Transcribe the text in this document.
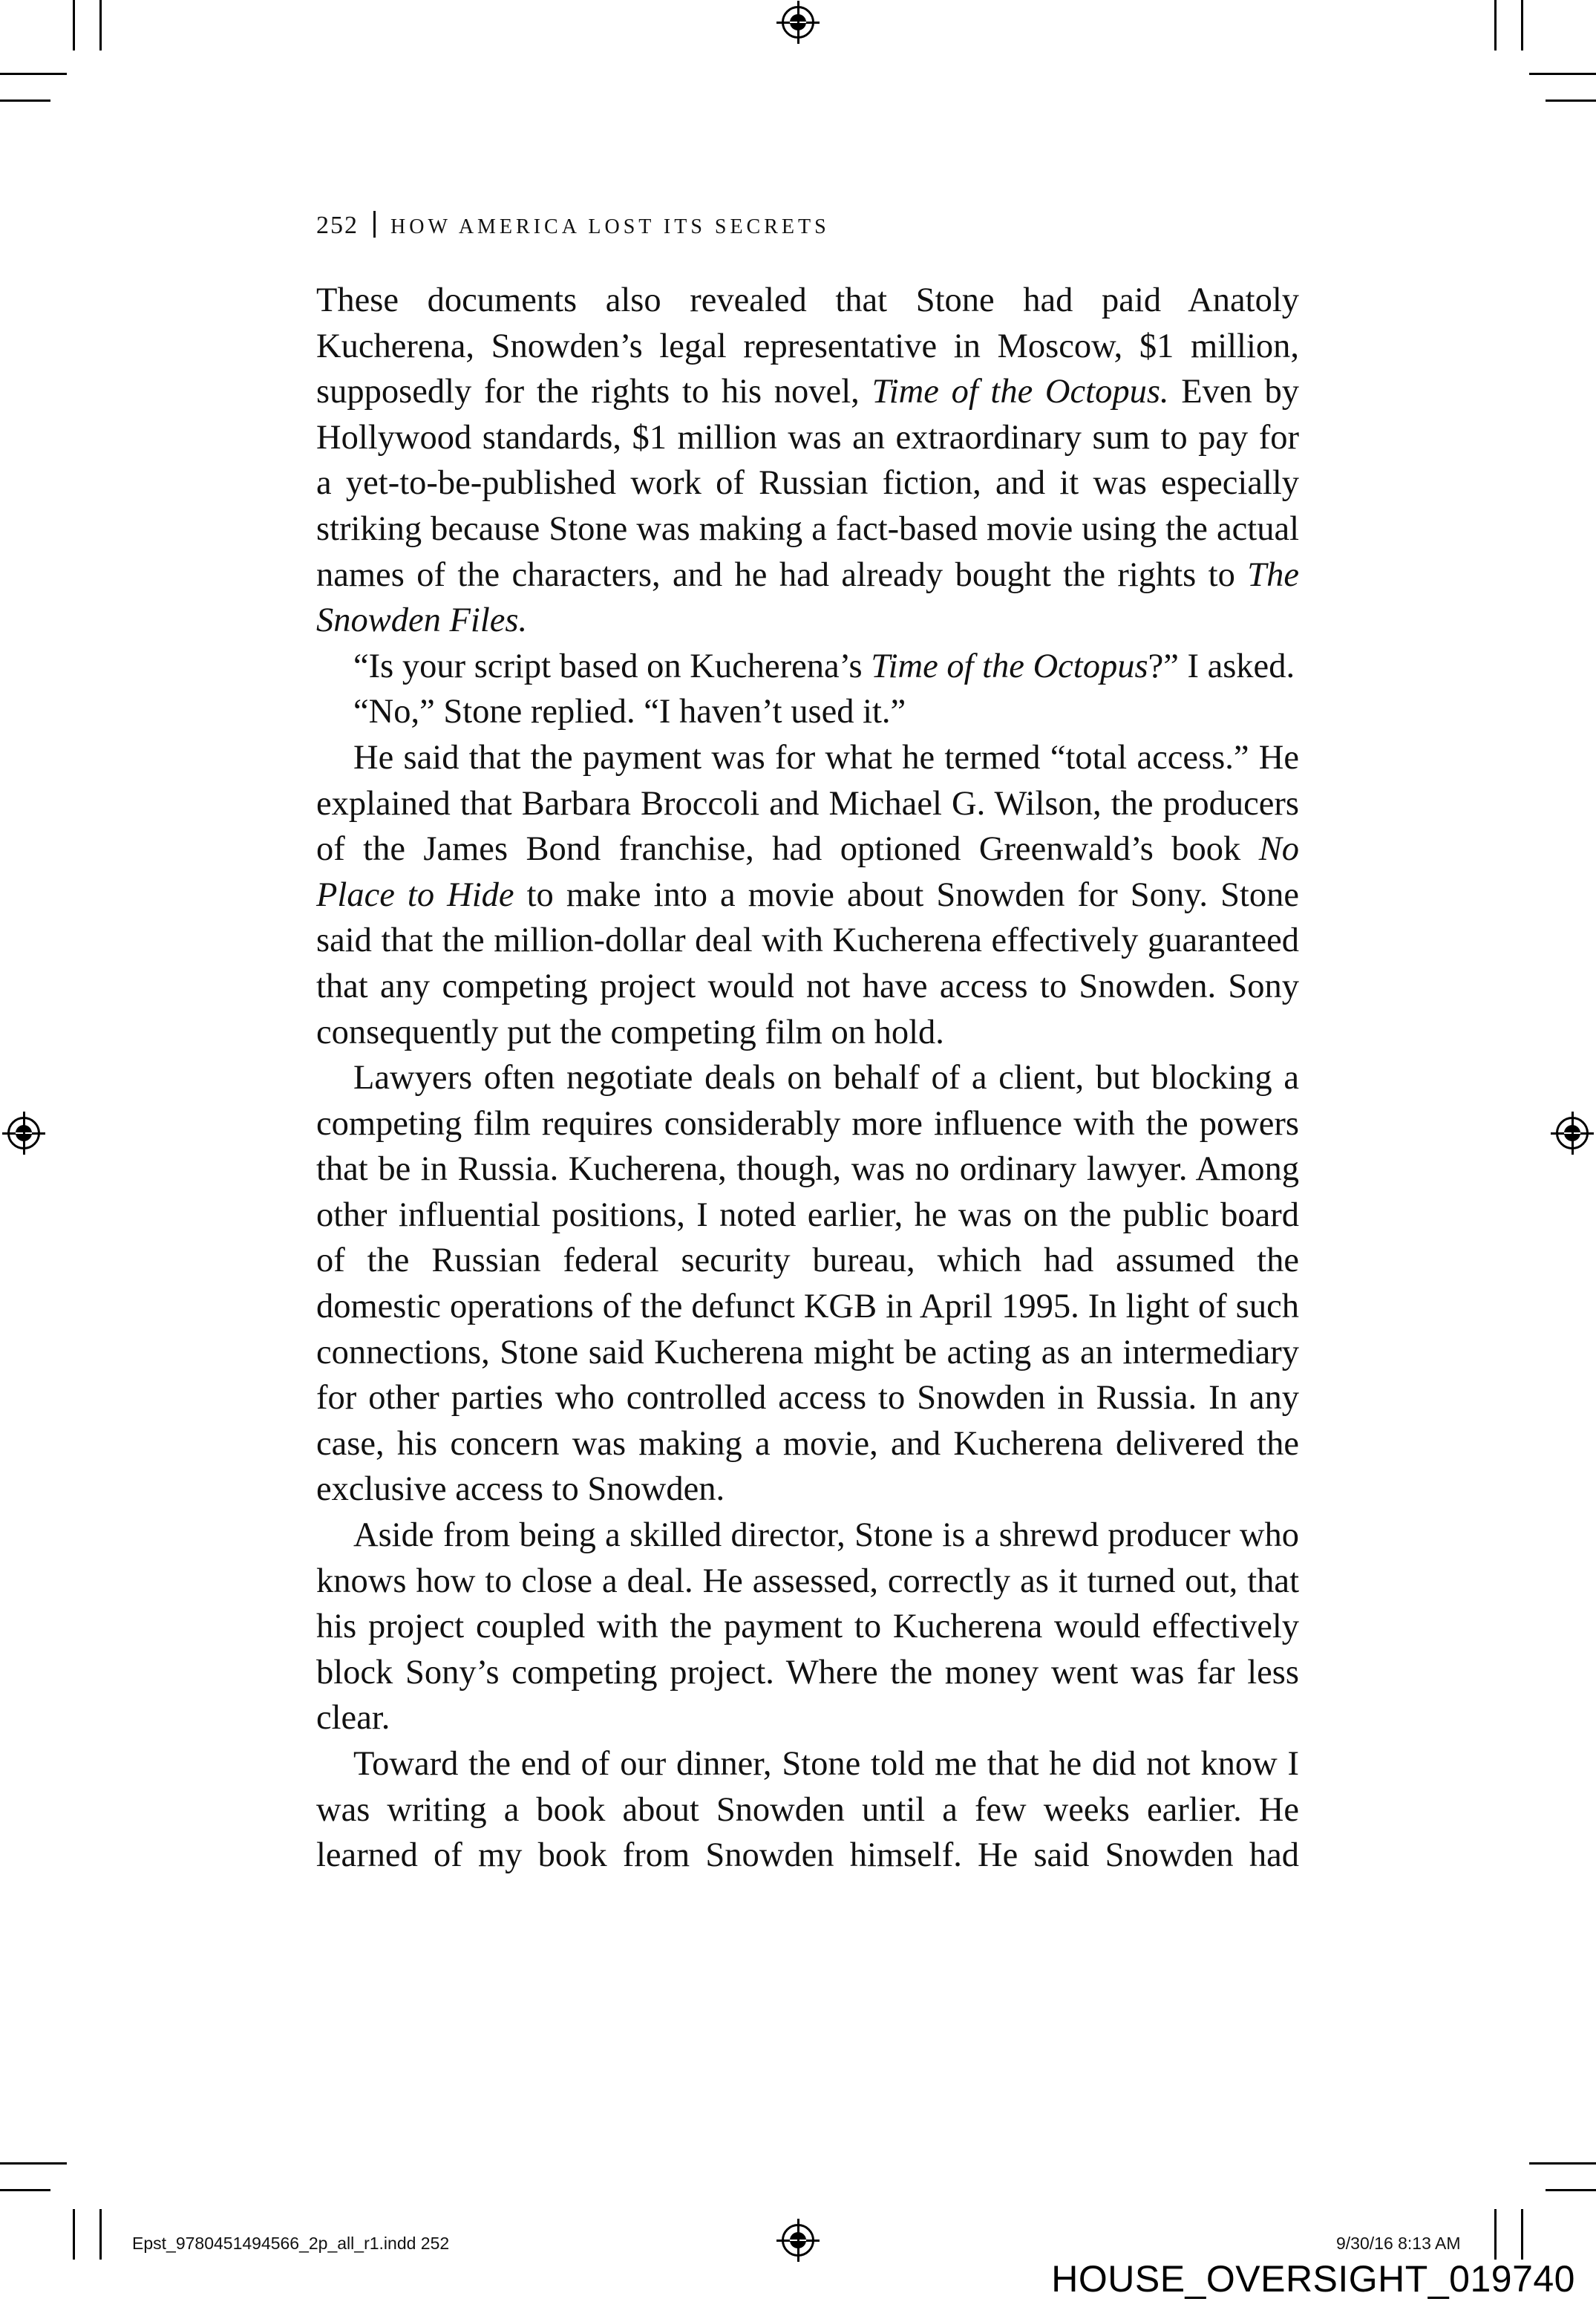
252 HOW AMERICA LOST ITS SECRETS

These documents also revealed that Stone had paid Anatoly Kucherena, Snowden’s legal representative in Moscow, $1 million, supposedly for the rights to his novel, Time of the Octopus. Even by Hollywood standards, $1 million was an extraordinary sum to pay for a yet-to-be-published work of Russian fiction, and it was especially striking because Stone was making a fact-based movie using the actual names of the characters, and he had already bought the rights to The Snowden Files.

“Is your script based on Kucherena’s Time of the Octopus?” I asked.

“No,” Stone replied. “I haven’t used it.”

He said that the payment was for what he termed “total access.” He explained that Barbara Broccoli and Michael G. Wilson, the producers of the James Bond franchise, had optioned Greenwald’s book No Place to Hide to make into a movie about Snowden for Sony. Stone said that the million-dollar deal with Kucherena effectively guaranteed that any competing project would not have access to Snowden. Sony consequently put the competing film on hold.

Lawyers often negotiate deals on behalf of a client, but blocking a competing film requires considerably more influence with the powers that be in Russia. Kucherena, though, was no ordinary lawyer. Among other influential positions, I noted earlier, he was on the public board of the Russian federal security bureau, which had assumed the domestic operations of the defunct KGB in April 1995. In light of such connections, Stone said Kucherena might be acting as an intermediary for other parties who controlled access to Snowden in Russia. In any case, his concern was making a movie, and Kucherena delivered the exclusive access to Snowden.

Aside from being a skilled director, Stone is a shrewd producer who knows how to close a deal. He assessed, correctly as it turned out, that his project coupled with the payment to Kucherena would effectively block Sony’s competing project. Where the money went was far less clear.

Toward the end of our dinner, Stone told me that he did not know I was writing a book about Snowden until a few weeks earlier. He learned of my book from Snowden himself. He said Snowden had

Epst_9780451494566_2p_all_r1.indd 252	9/30/16 8:13 AM
HOUSE_OVERSIGHT_019740
